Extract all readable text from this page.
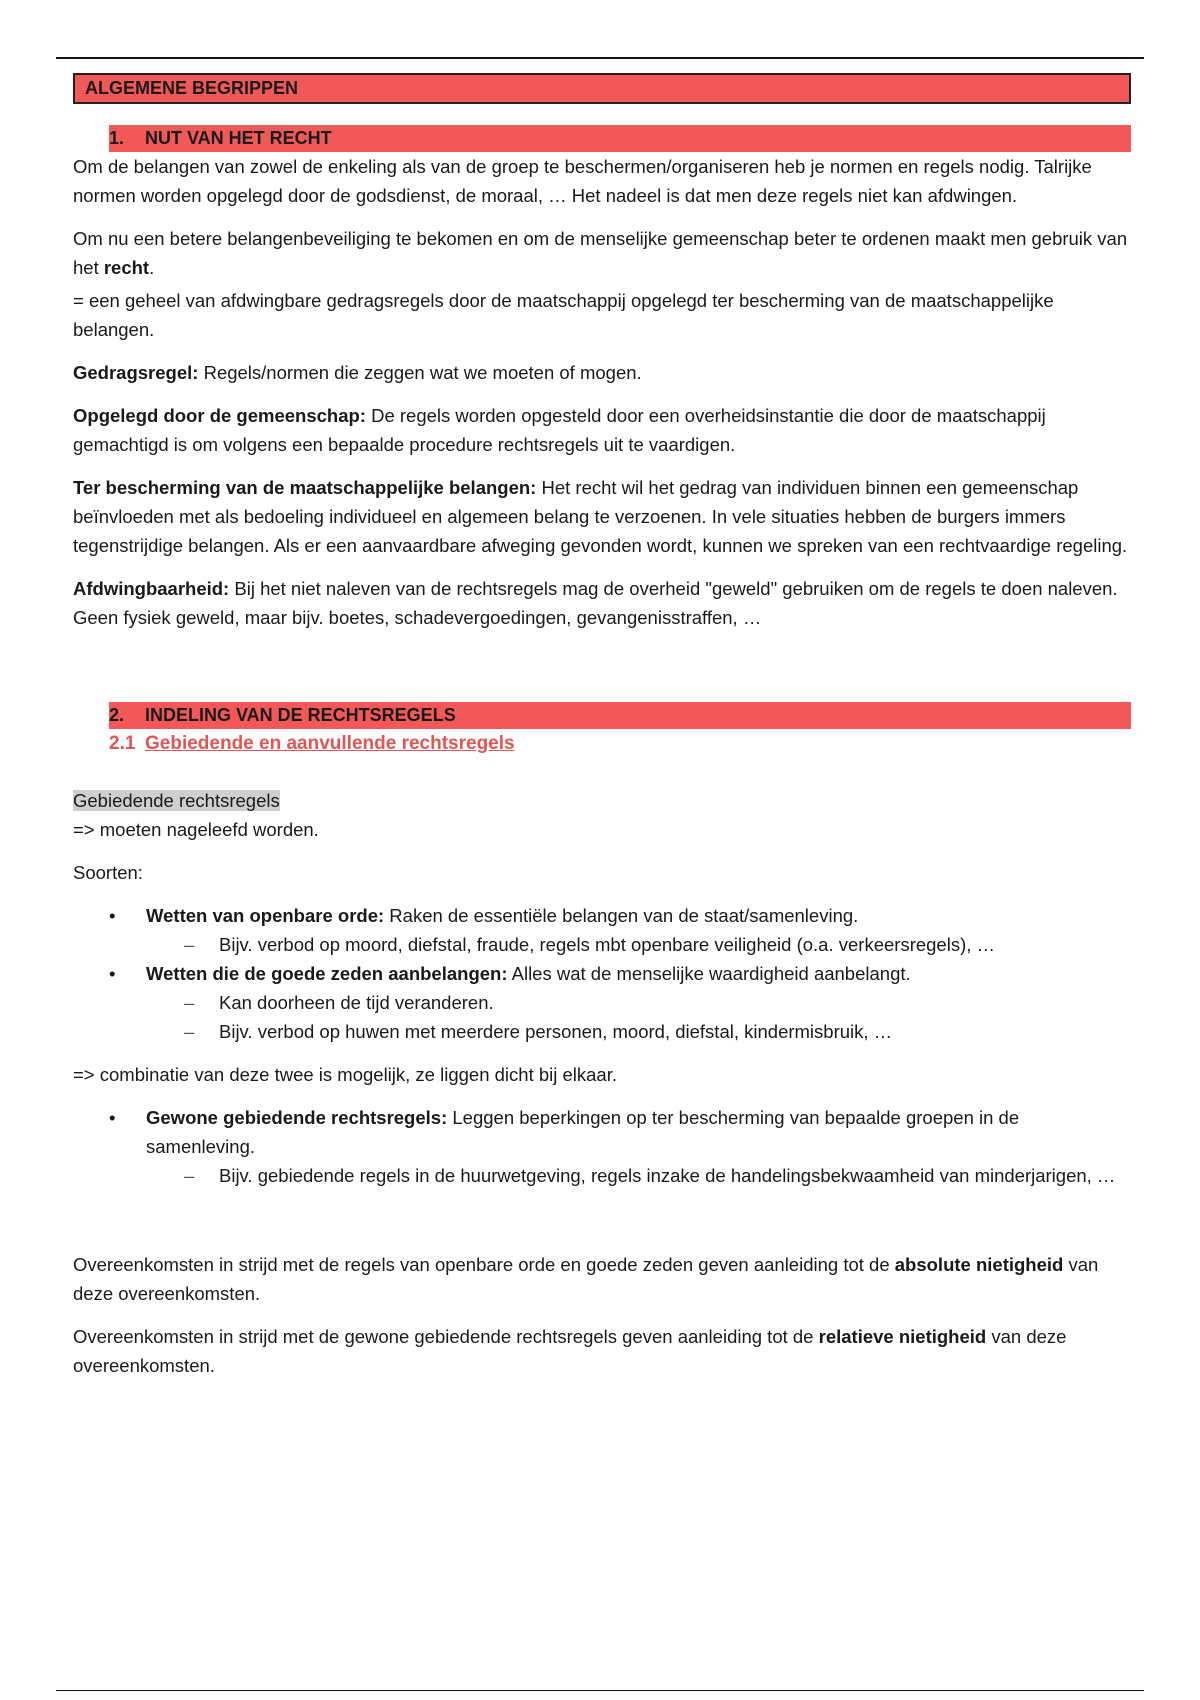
ALGEMENE BEGRIPPEN
1. NUT VAN HET RECHT

Om de belangen van zowel de enkeling als van de groep te beschermen/organiseren heb je normen en regels nodig. Talrijke normen worden opgelegd door de godsdienst, de moraal, … Het nadeel is dat men deze regels niet kan afdwingen.

Om nu een betere belangenbeveiliging te bekomen en om de menselijke gemeenschap beter te ordenen maakt men gebruik van het recht.

= een geheel van afdwingbare gedragsregels door de maatschappij opgelegd ter bescherming van de maatschappelijke belangen.

Gedragsregel: Regels/normen die zeggen wat we moeten of mogen.

Opgelegd door de gemeenschap: De regels worden opgesteld door een overheidsinstantie die door de maatschappij gemachtigd is om volgens een bepaalde procedure rechtsregels uit te vaardigen.

Ter bescherming van de maatschappelijke belangen: Het recht wil het gedrag van individuen binnen een gemeenschap beïnvloeden met als bedoeling individueel en algemeen belang te verzoenen. In vele situaties hebben de burgers immers tegenstrijdige belangen. Als er een aanvaardbare afweging gevonden wordt, kunnen we spreken van een rechtvaardige regeling.

Afdwingbaarheid: Bij het niet naleven van de rechtsregels mag de overheid "geweld" gebruiken om de regels te doen naleven. Geen fysiek geweld, maar bijv. boetes, schadevergoedingen, gevangenisstraffen, …

2. INDELING VAN DE RECHTSREGELS
2.1 Gebiedende en aanvullende rechtsregels

Gebiedende rechtsregels

=> moeten nageleefd worden.

Soorten:

• Wetten van openbare orde: Raken de essentiële belangen van de staat/samenleving.
– Bijv. verbod op moord, diefstal, fraude, regels mbt openbare veiligheid (o.a. verkeersregels), …
• Wetten die de goede zeden aanbelangen: Alles wat de menselijke waardigheid aanbelangt.
– Kan doorheen de tijd veranderen.
– Bijv. verbod op huwen met meerdere personen, moord, diefstal, kindermisbruik, …

=> combinatie van deze twee is mogelijk, ze liggen dicht bij elkaar.

• Gewone gebiedende rechtsregels: Leggen beperkingen op ter bescherming van bepaalde groepen in de samenleving.
– Bijv. gebiedende regels in de huurwetgeving, regels inzake de handelingsbekwaamheid van minderjarigen, …

Overeenkomsten in strijd met de regels van openbare orde en goede zeden geven aanleiding tot de absolute nietigheid van deze overeenkomsten.

Overeenkomsten in strijd met de gewone gebiedende rechtsregels geven aanleiding tot de relatieve nietigheid van deze overeenkomsten.
